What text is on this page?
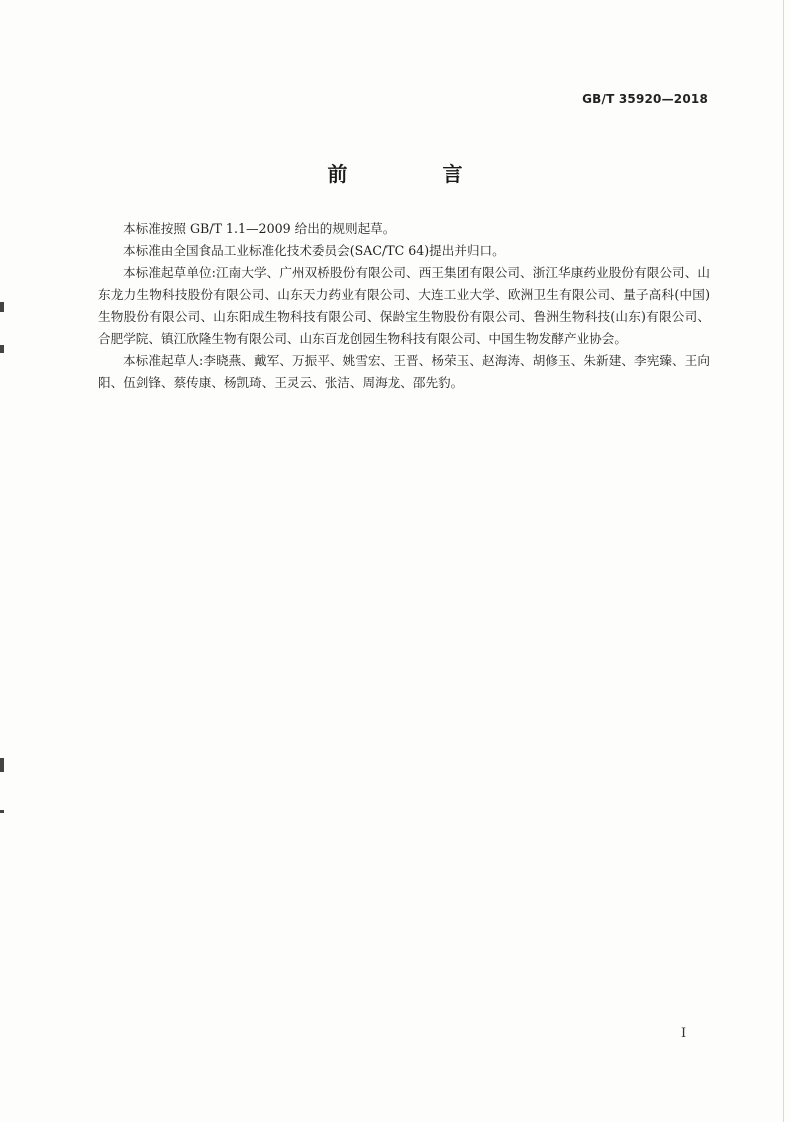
GB/T 35920—2018
前 言

本标准按照 GB/T 1.1—2009 给出的规则起草。

本标准由全国食品工业标准化技术委员会(SAC/TC 64)提出并归口。

本标准起草单位:江南大学、广州双桥股份有限公司、西王集团有限公司、浙江华康药业股份有限公司、山东龙力生物科技股份有限公司、山东天力药业有限公司、大连工业大学、欧洲卫生有限公司、量子高科(中国)生物股份有限公司、山东阳成生物科技有限公司、保龄宝生物股份有限公司、鲁洲生物科技(山东)有限公司、合肥学院、镇江欣隆生物有限公司、山东百龙创园生物科技有限公司、中国生物发酵产业协会。

本标准起草人:李晓燕、戴军、万振平、姚雪宏、王晋、杨荣玉、赵海涛、胡修玉、朱新建、李宪臻、王向阳、伍剑锋、蔡传康、杨凯琦、王灵云、张洁、周海龙、邵先豹。

I
